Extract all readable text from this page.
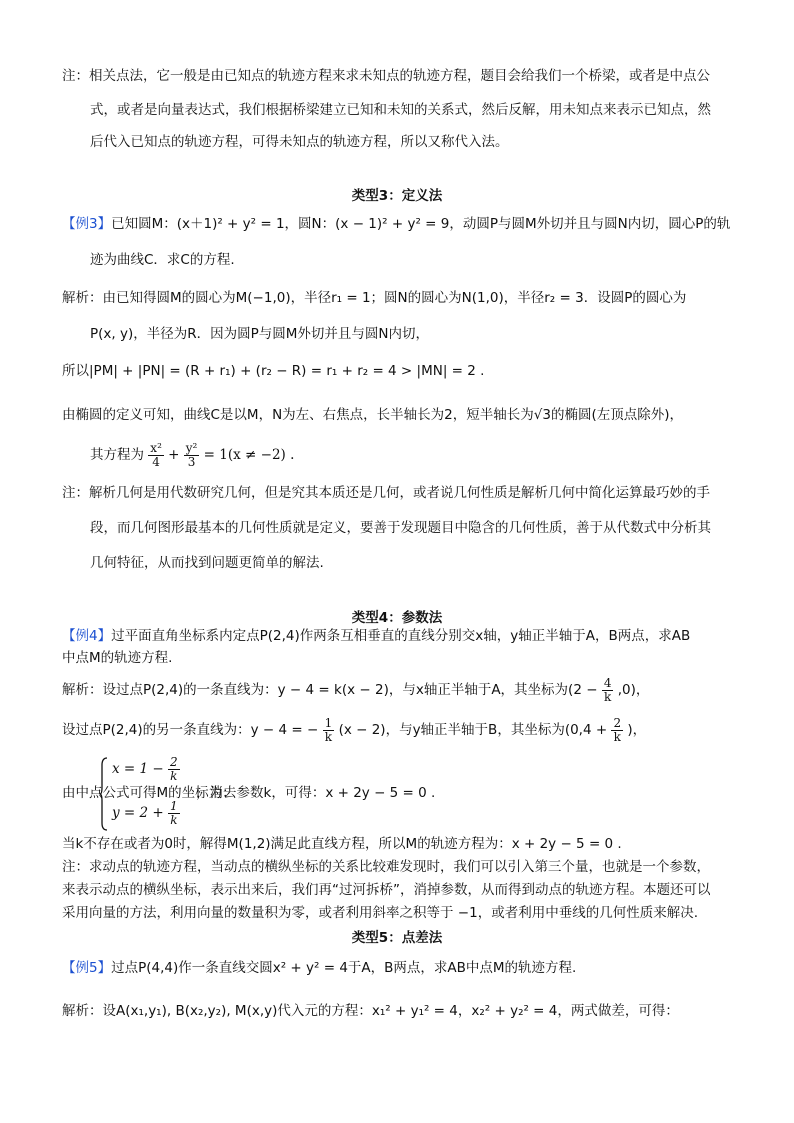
注：相关点法，它一般是由已知点的轨迹方程来求未知点的轨迹方程，题目会给我们一个桥梁，或者是中点公
式，或者是向量表达式，我们根据桥梁建立已知和未知的关系式，然后反解，用未知点来表示已知点，然
后代入已知点的轨迹方程，可得未知点的轨迹方程，所以又称代入法。
类型3：定义法
【例3】已知圆M：(x＋1)² + y² = 1，圆N：(x − 1)² + y² = 9，动圆P与圆M外切并且与圆N内切，圆心P的轨
迹为曲线C．求C的方程.
解析：由已知得圆M的圆心为M(−1,0)，半径r₁ = 1；圆N的圆心为N(1,0)，半径r₂ = 3．设圆P的圆心为
P(x, y)，半径为R．因为圆P与圆M外切并且与圆N内切，
所以|PM| + |PN| = (R + r₁) + (r₂ − R) = r₁ + r₂ = 4 > |MN| = 2 .
由椭圆的定义可知，曲线C是以M，N为左、右焦点，长半轴长为2，短半轴长为√3的椭圆(左顶点除外)，
其方程为 $\frac{\text{x²}}{4} + \frac{\text{y²}}{3} = 1(x \ne -2)$ .
注：解析几何是用代数研究几何，但是究其本质还是几何，或者说几何性质是解析几何中简化运算最巧妙的手
段，而几何图形最基本的几何性质就是定义，要善于发现题目中隐含的几何性质，善于从代数式中分析其
几何特征，从而找到问题更简单的解法.
类型4：参数法
【例4】过平面直角坐标系内定点P(2,4)作两条互相垂直的直线分别交x轴，y轴正半轴于A，B两点，求AB
中点M的轨迹方程.
解析：设过点P(2,4)的一条直线为：y − 4 = k(x − 2)，与x轴正半轴于A，其坐标为$(2 - \frac{4}{k} ,0)$，
设过点P(2,4)的另一条直线为：y − 4 = − $\frac{1}{k} (x - 2)$，与y轴正半轴于B，其坐标为($0,4 + \frac{2}{k}$ )，
由中点公式可得M的坐标为：
$x = 1 - \frac{2}{k}$
$y = 2 + \frac{1}{k}$
，消去参数k，可得：x + 2y − 5 = 0 .
当k不存在或者为0时，解得M(1,2)满足此直线方程，所以M的轨迹方程为：x + 2y − 5 = 0 .
注：求动点的轨迹方程，当动点的横纵坐标的关系比较难发现时，我们可以引入第三个量，也就是一个参数，
来表示动点的横纵坐标，表示出来后，我们再“过河拆桥”，消掉参数，从而得到动点的轨迹方程。本题还可以
采用向量的方法，利用向量的数量积为零，或者利用斜率之积等于 −1，或者利用中垂线的几何性质来解决.
类型5：点差法
【例5】过点P(4,4)作一条直线交圆x² + y² = 4于A，B两点，求AB中点M的轨迹方程.
解析：设A(x₁,y₁), B(x₂,y₂), M(x,y)代入元的方程：x₁² + y₁² = 4，x₂² + y₂² = 4，两式做差，可得：
